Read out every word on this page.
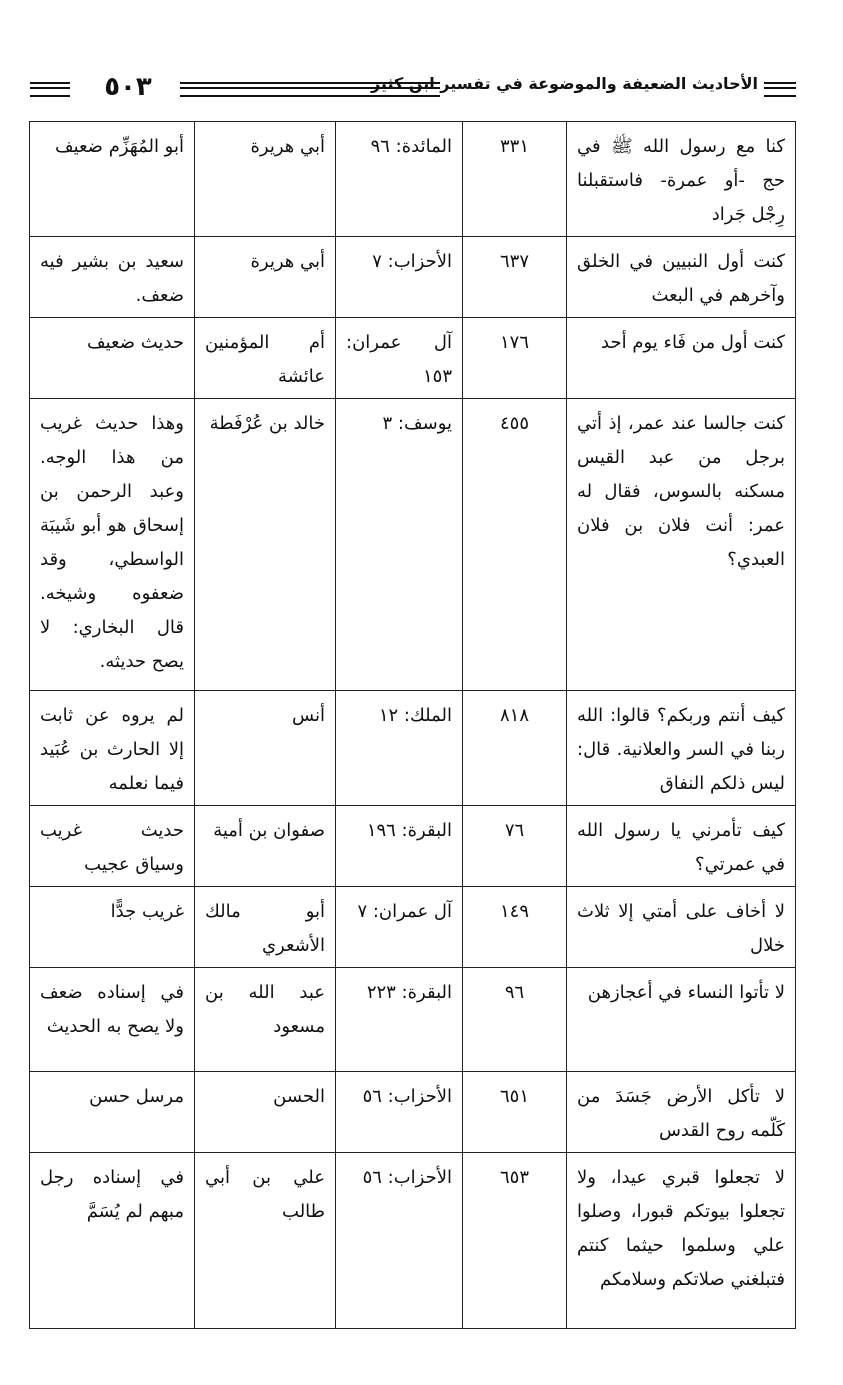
٥٠٣	الأحاديث الضعيفة والموضوعة في تفسير ابن كثير
كنا مع رسول الله ﷺ في حج -أو عمرة- فاستقبلنا رِجْل جَراد	٣٣١	المائدة: ٩٦	أبي هريرة	أبو المُهَزِّم ضعيف
كنت أول النبيين في الخلق وآخرهم في البعث	٦٣٧	الأحزاب: ٧	أبي هريرة	سعيد بن بشير فيه ضعف.
كنت أول من فَاء يوم أحد	١٧٦	آل عمران: ١٥٣	أم المؤمنين عائشة	حديث ضعيف
كنت جالسا عند عمر، إذ أتي برجل من عبد القيس مسكنه بالسوس، فقال له عمر: أنت فلان بن فلان العبدي؟	٤٥٥	يوسف: ٣	خالد بن عُرْفَطة	وهذا حديث غريب من هذا الوجه. وعبد الرحمن بن إسحاق هو أبو شَيبَة الواسطي، وقد ضعفوه وشيخه. قال البخاري: لا يصح حديثه.
كيف أنتم وربكم؟ قالوا: الله ربنا في السر والعلانية. قال: ليس ذلكم النفاق	٨١٨	الملك: ١٢	أنس	لم يروه عن ثابت إلا الحارث بن عُبَيد فيما نعلمه
كيف تأمرني يا رسول الله في عمرتي؟	٧٦	البقرة: ١٩٦	صفوان بن أمية	حديث غريب وسياق عجيب
لا أخاف على أمتي إلا ثلاث خلال	١٤٩	آل عمران: ٧	أبو مالك الأشعري	غريب جدًّا
لا تأتوا النساء في أعجازهن	٩٦	البقرة: ٢٢٣	عبد الله بن مسعود	في إسناده ضعف ولا يصح به الحديث
لا تأكل الأرض جَسَدَ من كَلّمه روح القدس	٦٥١	الأحزاب: ٥٦	الحسن	مرسل حسن
لا تجعلوا قبري عيدا، ولا تجعلوا بيوتكم قبورا، وصلوا علي وسلموا حيثما كنتم فتبلغني صلاتكم وسلامكم	٦٥٣	الأحزاب: ٥٦	علي بن أبي طالب	في إسناده رجل مبهم لم يُسَمَّ
